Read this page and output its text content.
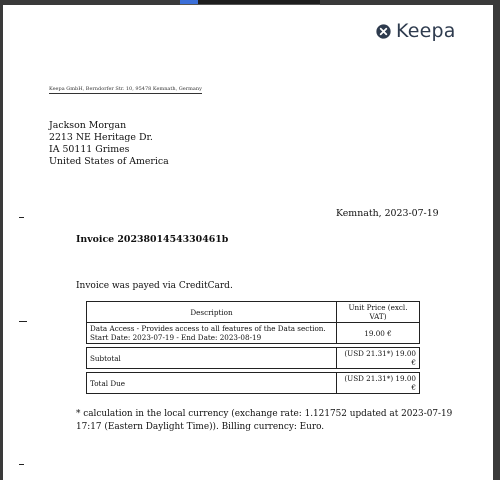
Keepa
Keepa GmbH, Berndorfer Str. 10, 95478 Kemnath, Germany
Jackson Morgan
2213 NE Heritage Dr.
IA 50111 Grimes
United States of America
Kemnath, 2023-07-19
Invoice 2023801454330461b
Invoice was payed via CreditCard.
Description	Unit Price (excl. VAT)

Data Access - Provides access to all features of the Data section.
Start Date: 2023-07-19 - End Date: 2023-08-19	19.00 €
Subtotal	(USD 21.31*) 19.00 €
Total Due	(USD 21.31*) 19.00 €
* calculation in the local currency (exchange rate: 1.121752 updated at 2023-07-19 17:17 (Eastern Daylight Time)). Billing currency: Euro.
